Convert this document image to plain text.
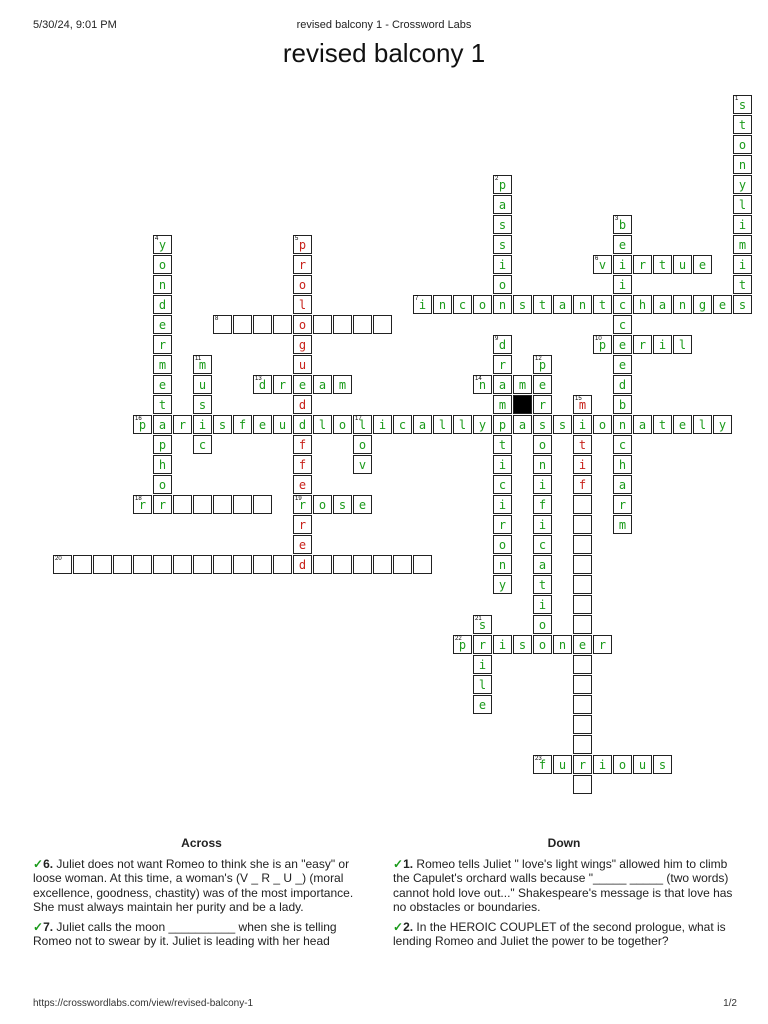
5/30/24, 9:01 PM	revised balcony 1 - Crossword Labs
revised balcony 1
s
1
t
o
n
y
l
i
m
i
t
s
p
2
a
s
s
i
o
n
b
3
e
i
i
c
c
e
e
d
b
n
c
h
a
r
m
y
4
o
n
d
e
r
m
e
t
a
p
h
o
r
p
5
r
o
l
o
g
u
e
d
d
f
f
e
r
19
r
e
d
v
6	r	t	u	e
i
7	n	c	o	s	t	a	n	t	h	a	n	g	e
8
d
9
r
a
m
p
t
i
c
i
r
o
n
y
p
10	r	i	l
m
11
u
s
i
c
p
12
e
r
s
o
n
i
f
i
c
a
t
i
o
o
d
13	r	a	m	n
14	m
m
15
i
t
i
f
p
16	r	s	f	e	u	l	o	l
17	i	c	a	l	l	y	a	s	o	a	t	e	l	y
o
v
r
18	o	s	e
20
s
21
r
i
l
e
p
22	i	s	n	e	r
f
23	u	r	i	o	u	s
Across
✓6. Juliet does not want Romeo to think she is an "easy" or loose woman. At this time, a woman's (V _ R _ U _) (moral excellence, goodness, chastity) was of the most importance. She must always maintain her purity and be a lady.
✓7. Juliet calls the moon __________ when she is telling Romeo not to swear by it. Juliet is leading with her head
Down
✓1. Romeo tells Juliet " love's light wings" allowed him to climb the Capulet's orchard walls because "_____ _____ (two words) cannot hold love out..." Shakespeare's message is that love has no obstacles or boundaries.
✓2. In the HEROIC COUPLET of the second prologue, what is lending Romeo and Juliet the power to be together?
https://crosswordlabs.com/view/revised-balcony-1	1/2
